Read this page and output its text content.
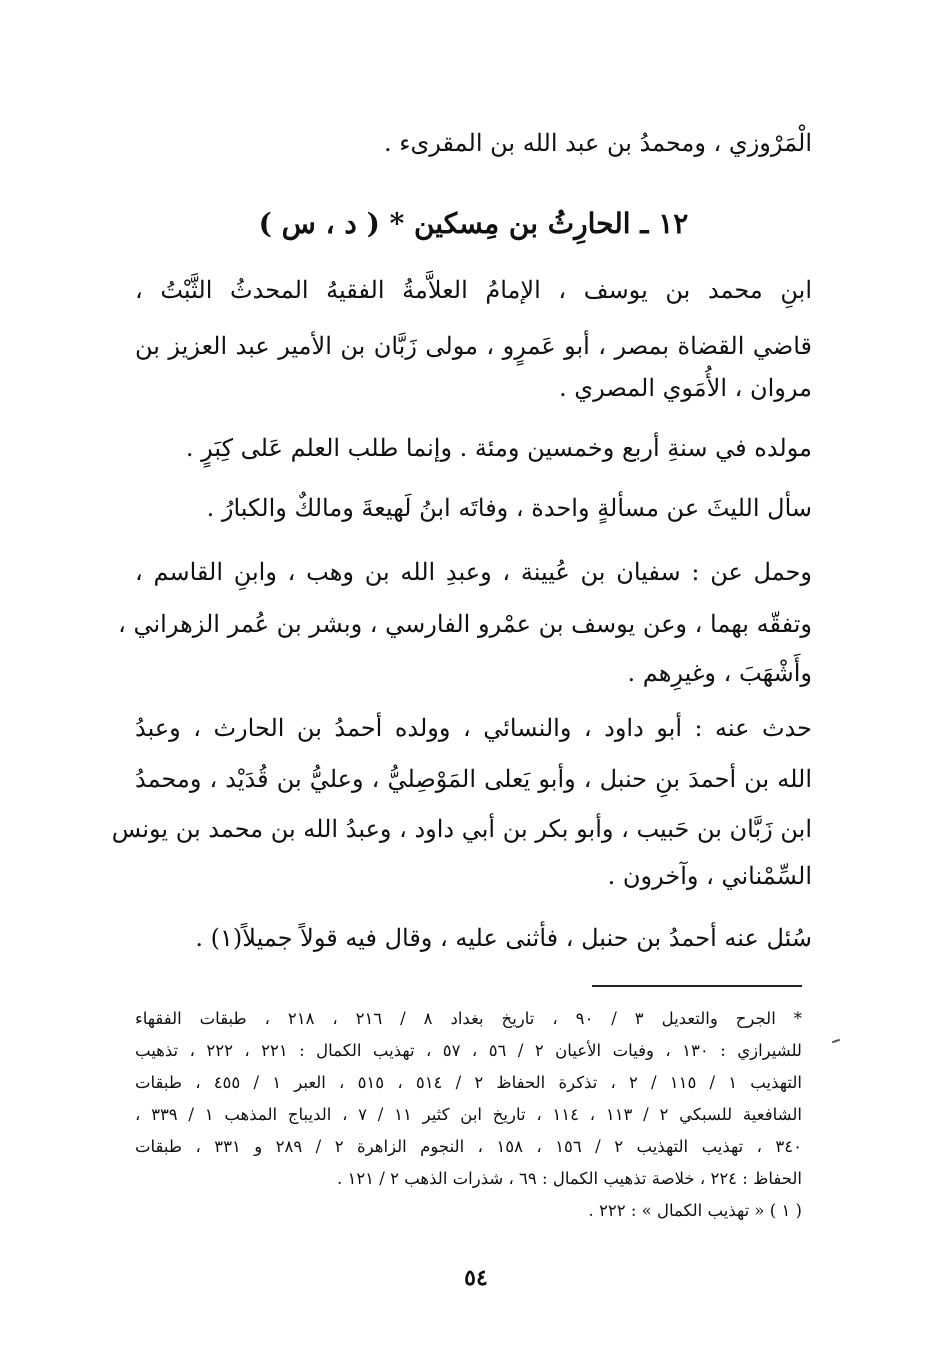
الْمَرْوزي ، ومحمدُ بن عبد الله بن المقرىء .
١٢ ـ الحارِثُ بن مِسكين * ( د ، س )
ابنِ محمد بن يوسف ، الإمامُ العلاَّمةُ الفقيهُ المحدثُ الثَّبْتُ ،
قاضي القضاة بمصر ، أبو عَمرٍو ، مولى زَبَّان بن الأمير عبد العزيز بن
مروان ، الأُمَوي المصري .
مولده في سنةِ أربع وخمسين ومئة . وإنما طلب العلم عَلى كِبَرٍ .
سأل الليثَ عن مسألةٍ واحدة ، وفاتَه ابنُ لَهيعةَ ومالكٌ والكبارُ .
وحمل عن : سفيان بن عُيينة ، وعبدِ الله بن وهب ، وابنِ القاسم ،
وتفقّه بهما ، وعن يوسف بن عمْرو الفارسي ، وبشر بن عُمر الزهراني ،
وأَشْهَبَ ، وغيرِهم .
حدث عنه : أبو داود ، والنسائي ، وولده أحمدُ بن الحارث ، وعبدُ
الله بن أحمدَ بنِ حنبل ، وأبو يَعلى المَوْصِليُّ ، وعليُّ بن قُدَيْد ، ومحمدُ
ابن زَبَّان بن حَبيب ، وأبو بكر بن أبي داود ، وعبدُ الله بن محمد بن يونس
السِّمْناني ، وآخرون .
سُئل عنه أحمدُ بن حنبل ، فأثنى عليه ، وقال فيه قولاً جميلاً(١) .
* الجرح والتعديل ٣ / ٩٠ ، تاريخ بغداد ٨ / ٢١٦ ، ٢١٨ ، طبقات الفقهاء
للشيرازي : ١٣٠ ، وفيات الأعيان ٢ / ٥٦ ، ٥٧ ، تهذيب الكمال : ٢٢١ ، ٢٢٢ ، تذهيب
التهذيب ١ / ١١٥ / ٢ ، تذكرة الحفاظ ٢ / ٥١٤ ، ٥١٥ ، العبر ١ / ٤٥٥ ، طبقات
الشافعية للسبكي ٢ / ١١٣ ، ١١٤ ، تاريخ ابن كثير ١١ / ٧ ، الديباج المذهب ١ / ٣٣٩ ،
٣٤٠ ، تهذيب التهذيب ٢ / ١٥٦ ، ١٥٨ ، النجوم الزاهرة ٢ / ٢٨٩ و ٣٣١ ، طبقات
الحفاظ : ٢٢٤ ، خلاصة تذهيب الكمال : ٦٩ ، شذرات الذهب ٢ / ١٢١ .
( ١ ) « تهذيب الكمال » : ٢٢٢ .
٥٤
